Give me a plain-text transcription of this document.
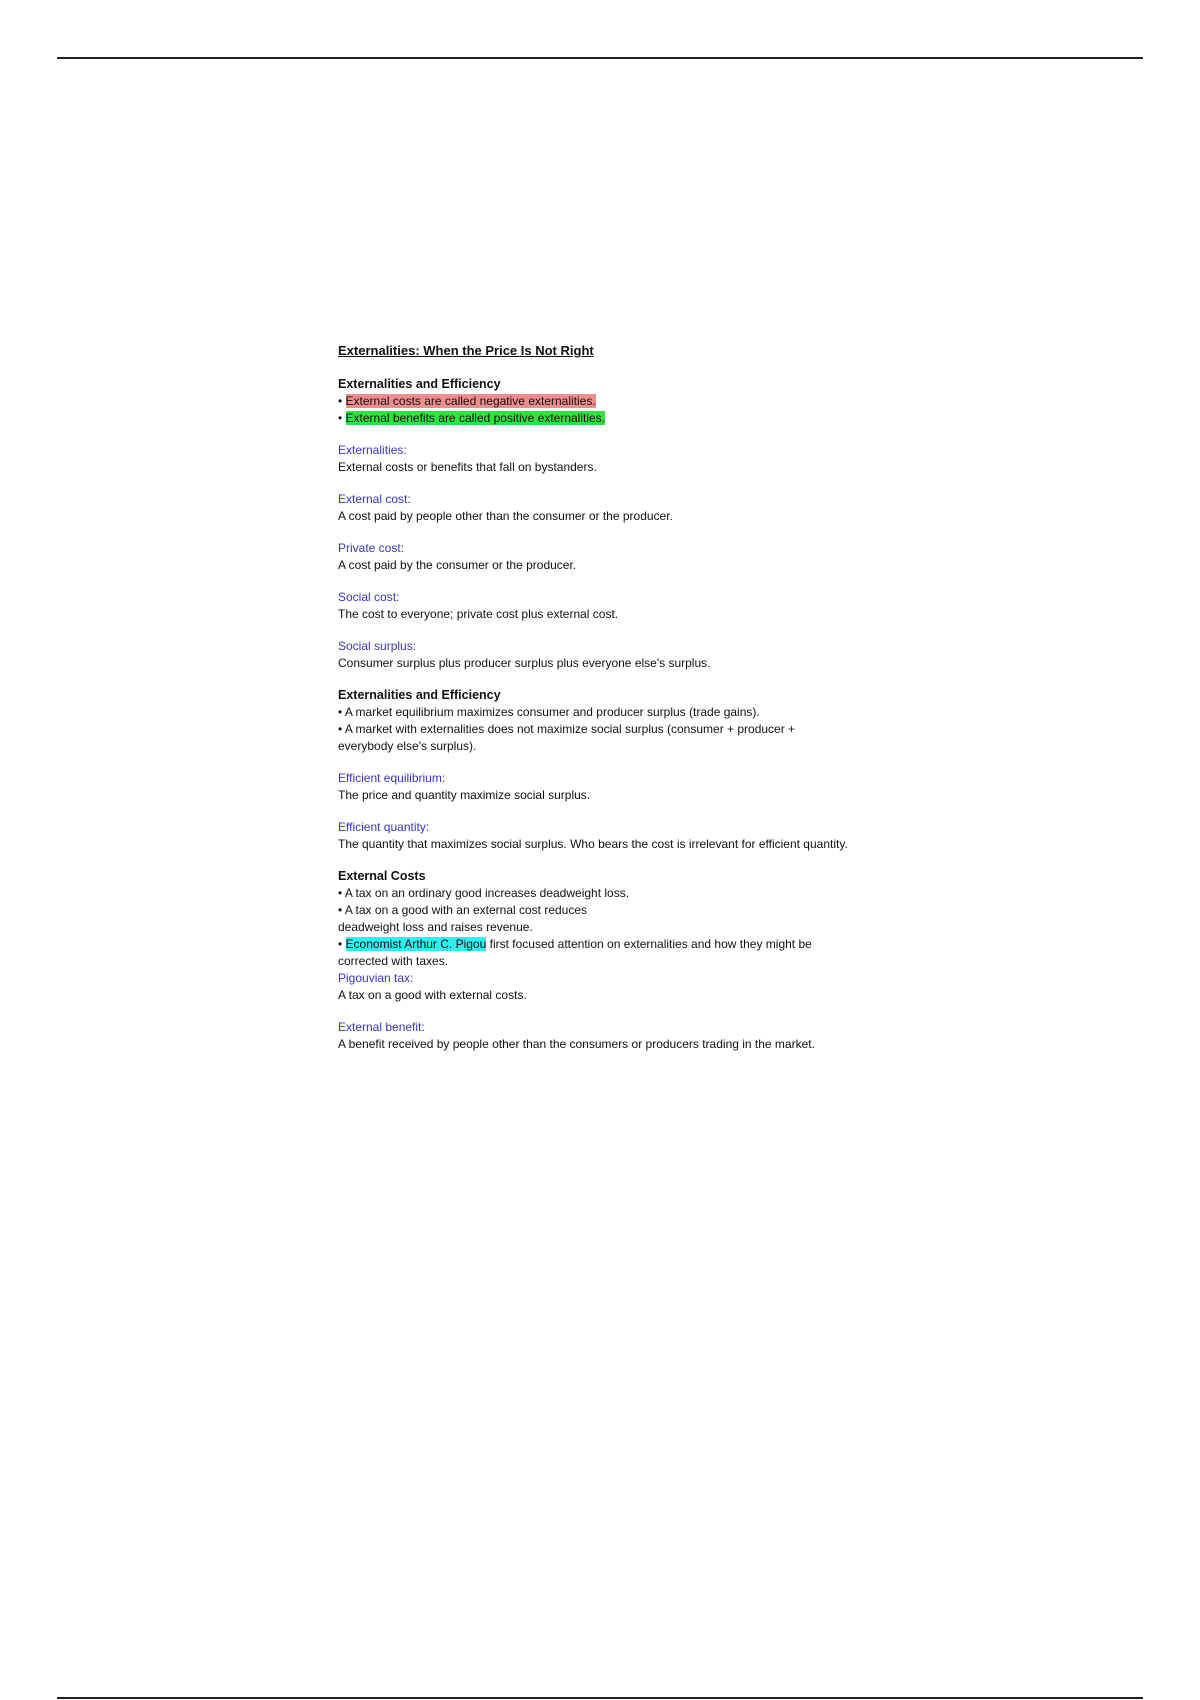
Externalities: When the Price Is Not Right
Externalities and Efficiency
• External costs are called negative externalities.
• External benefits are called positive externalities.
Externalities:
External costs or benefits that fall on bystanders.
External cost:
A cost paid by people other than the consumer or the producer.
Private cost:
A cost paid by the consumer or the producer.
Social cost:
The cost to everyone; private cost plus external cost.
Social surplus:
Consumer surplus plus producer surplus plus everyone else's surplus.
Externalities and Efficiency
• A market equilibrium maximizes consumer and producer surplus (trade gains).
• A market with externalities does not maximize social surplus (consumer + producer + everybody else's surplus).
Efficient equilibrium:
The price and quantity maximize social surplus.
Efficient quantity:
The quantity that maximizes social surplus. Who bears the cost is irrelevant for efficient quantity.
External Costs
• A tax on an ordinary good increases deadweight loss.
• A tax on a good with an external cost reduces
deadweight loss and raises revenue.
• Economist Arthur C. Pigou first focused attention on externalities and how they might be
corrected with taxes.
Pigouvian tax:
A tax on a good with external costs.
External benefit:
A benefit received by people other than the consumers or producers trading in the market.
